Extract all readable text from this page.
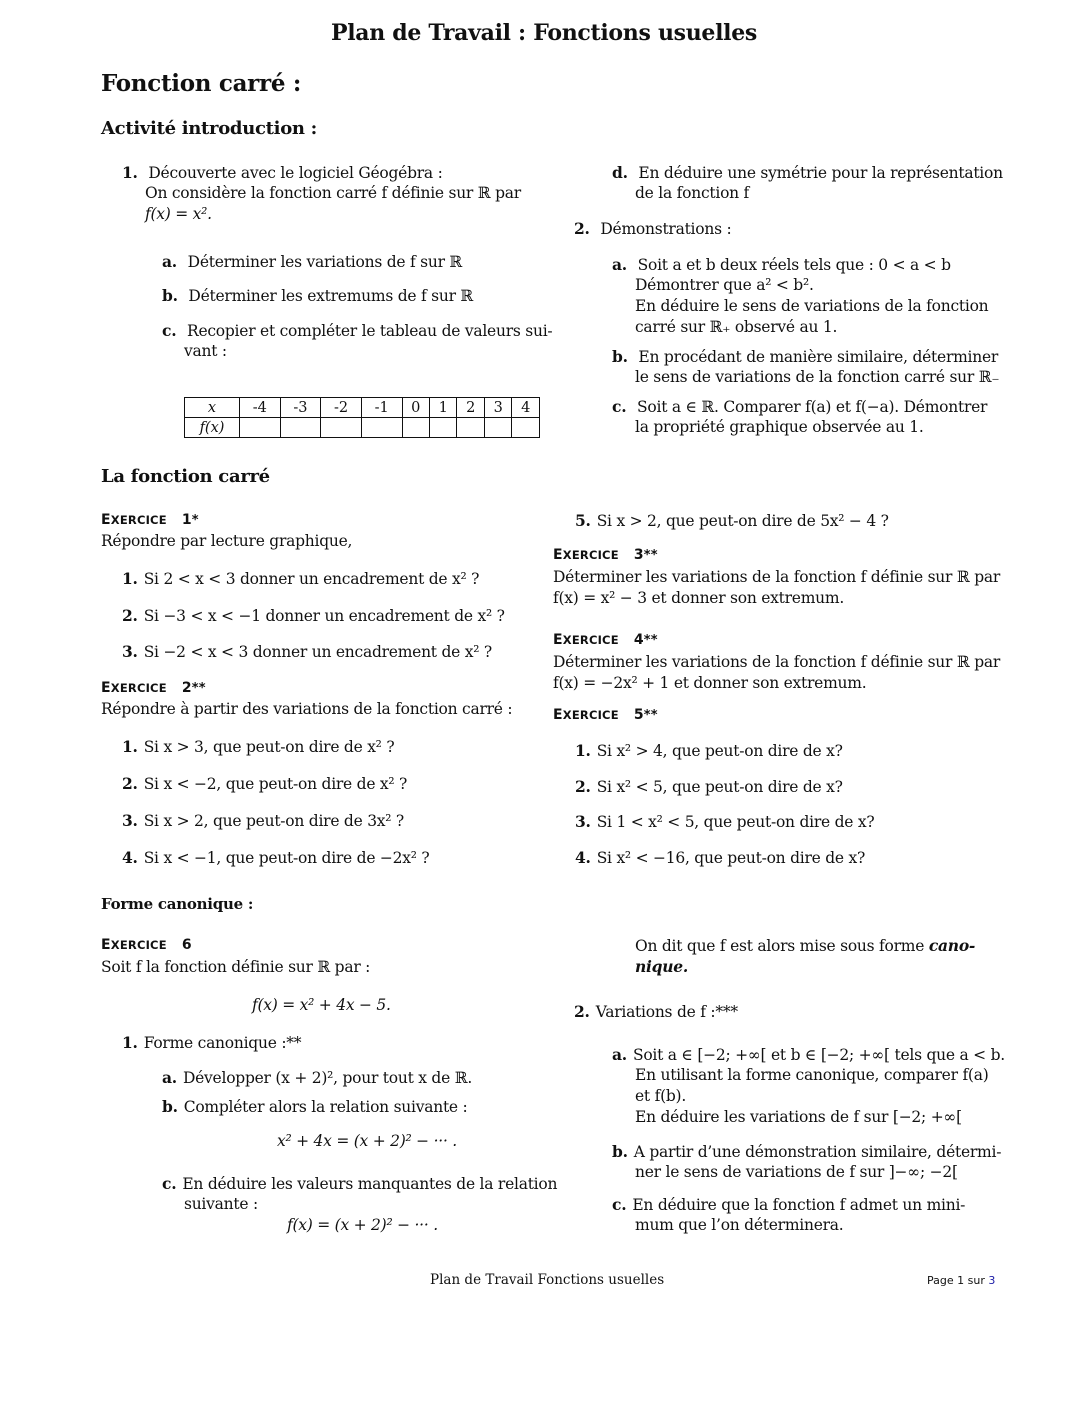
Plan de Travail : Fonctions usuelles
Fonction carré :
Activité introduction :
1. Découverte avec le logiciel Géogébra :
On considère la fonction carré f définie sur ℝ par
f(x) = x².
a. Déterminer les variations de f sur ℝ
b. Déterminer les extremums de f sur ℝ
c. Recopier et compléter le tableau de valeurs sui-
vant :
x	-4	-3	-2	-1	0	1	2	3	4
f(x)									
d. En déduire une symétrie pour la représentation
de la fonction f
2. Démonstrations :
a. Soit a et b deux réels tels que : 0 < a < b
Démontrer que a² < b².
En déduire le sens de variations de la fonction
carré sur ℝ₊ observé au 1.
b. En procédant de manière similaire, déterminer
le sens de variations de la fonction carré sur ℝ₋
c. Soit a ∈ ℝ. Comparer f(a) et f(−a). Démontrer
la propriété graphique observée au 1.
La fonction carré
EXERCICE 1*
Répondre par lecture graphique,
1. Si 2 < x < 3 donner un encadrement de x² ?
2. Si −3 < x < −1 donner un encadrement de x² ?
3. Si −2 < x < 3 donner un encadrement de x² ?
EXERCICE 2**
Répondre à partir des variations de la fonction carré :
1. Si x > 3, que peut-on dire de x² ?
2. Si x < −2, que peut-on dire de x² ?
3. Si x > 2, que peut-on dire de 3x² ?
4. Si x < −1, que peut-on dire de −2x² ?
5. Si x > 2, que peut-on dire de 5x² − 4 ?
EXERCICE 3**
Déterminer les variations de la fonction f définie sur ℝ par
f(x) = x² − 3 et donner son extremum.
EXERCICE 4**
Déterminer les variations de la fonction f définie sur ℝ par
f(x) = −2x² + 1 et donner son extremum.
EXERCICE 5**
1. Si x² > 4, que peut-on dire de x?
2. Si x² < 5, que peut-on dire de x?
3. Si 1 < x² < 5, que peut-on dire de x?
4. Si x² < −16, que peut-on dire de x?
Forme canonique :
EXERCICE 6
Soit f la fonction définie sur ℝ par :
f(x) = x² + 4x − 5.
1. Forme canonique :**
a. Développer (x + 2)², pour tout x de ℝ.
b. Compléter alors la relation suivante :
x² + 4x = (x + 2)² − ··· .
c. En déduire les valeurs manquantes de la relation
suivante :
f(x) = (x + 2)² − ··· .
On dit que f est alors mise sous forme cano-
nique.
2. Variations de f :***
a. Soit a ∈ [−2; +∞[ et b ∈ [−2; +∞[ tels que a < b.
En utilisant la forme canonique, comparer f(a)
et f(b).
En déduire les variations de f sur [−2; +∞[
b. A partir d’une démonstration similaire, détermi-
ner le sens de variations de f sur ]−∞; −2[
c. En déduire que la fonction f admet un mini-
mum que l’on déterminera.
Plan de Travail Fonctions usuelles	Page 1 sur 3
